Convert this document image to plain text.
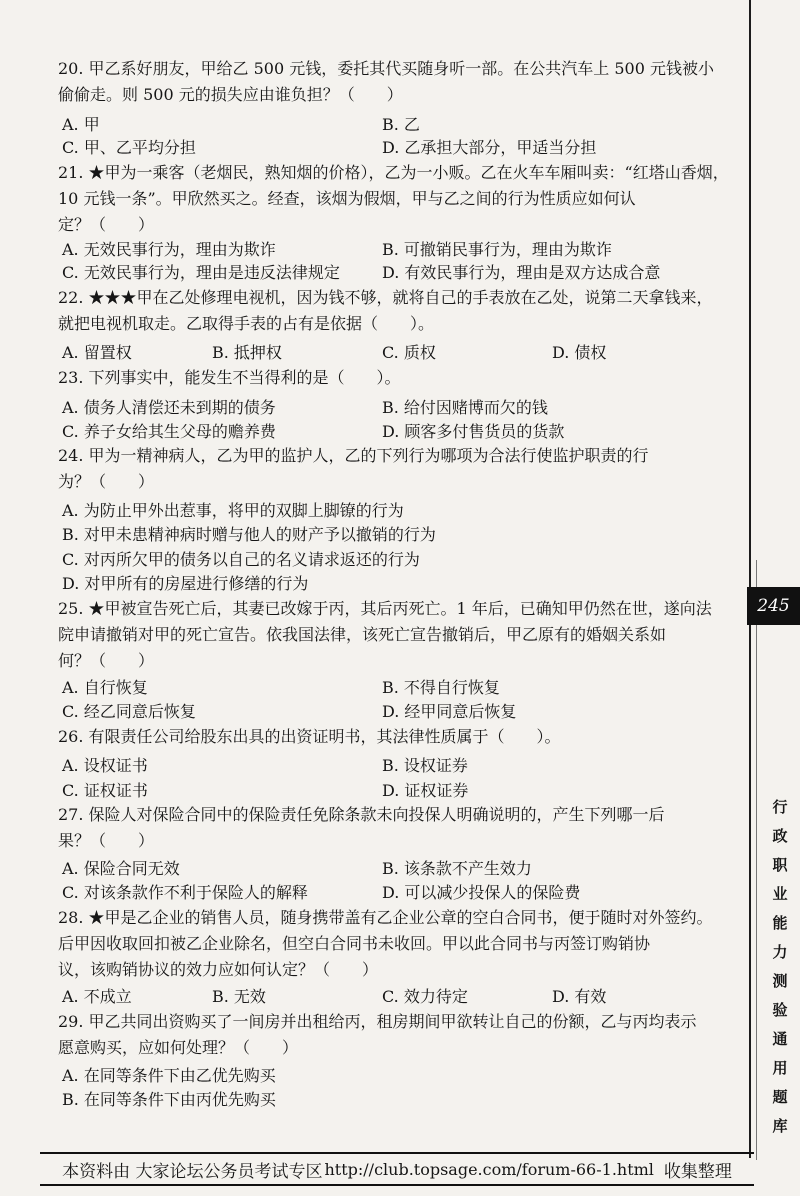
20. 甲乙系好朋友，甲给乙 500 元钱，委托其代买随身听一部。在公共汽车上 500 元钱被小
偷偷走。则 500 元的损失应由谁负担？（　　）
A. 甲	B. 乙
C. 甲、乙平均分担	D. 乙承担大部分，甲适当分担
21. ★甲为一乘客（老烟民，熟知烟的价格），乙为一小贩。乙在火车车厢叫卖：“红塔山香烟，
10 元钱一条”。甲欣然买之。经查，该烟为假烟，甲与乙之间的行为性质应如何认
定？（　　）
A. 无效民事行为，理由为欺诈	B. 可撤销民事行为，理由为欺诈
C. 无效民事行为，理由是违反法律规定	D. 有效民事行为，理由是双方达成合意
22. ★★★甲在乙处修理电视机，因为钱不够，就将自己的手表放在乙处，说第二天拿钱来，
就把电视机取走。乙取得手表的占有是依据（　　）。
A. 留置权	B. 抵押权	C. 质权	D. 债权
23. 下列事实中，能发生不当得利的是（　　）。
A. 债务人清偿还未到期的债务	B. 给付因赌博而欠的钱
C. 养子女给其生父母的赡养费	D. 顾客多付售货员的货款
24. 甲为一精神病人，乙为甲的监护人，乙的下列行为哪项为合法行使监护职责的行
为？（　　）
A. 为防止甲外出惹事，将甲的双脚上脚镣的行为
B. 对甲未患精神病时赠与他人的财产予以撤销的行为
C. 对丙所欠甲的债务以自己的名义请求返还的行为
D. 对甲所有的房屋进行修缮的行为
25. ★甲被宣告死亡后，其妻已改嫁于丙，其后丙死亡。1 年后，已确知甲仍然在世，遂向法
院申请撤销对甲的死亡宣告。依我国法律，该死亡宣告撤销后，甲乙原有的婚姻关系如
何？（　　）
A. 自行恢复	B. 不得自行恢复
C. 经乙同意后恢复	D. 经甲同意后恢复
26. 有限责任公司给股东出具的出资证明书，其法律性质属于（　　）。
A. 设权证书	B. 设权证券
C. 证权证书	D. 证权证券
27. 保险人对保险合同中的保险责任免除条款未向投保人明确说明的，产生下列哪一后
果？（　　）
A. 保险合同无效	B. 该条款不产生效力
C. 对该条款作不利于保险人的解释	D. 可以减少投保人的保险费
28. ★甲是乙企业的销售人员，随身携带盖有乙企业公章的空白合同书，便于随时对外签约。
后甲因收取回扣被乙企业除名，但空白合同书未收回。甲以此合同书与丙签订购销协
议，该购销协议的效力应如何认定？（　　）
A. 不成立	B. 无效	C. 效力待定	D. 有效
29. 甲乙共同出资购买了一间房并出租给丙，租房期间甲欲转让自己的份额，乙与丙均表示
愿意购买，应如何处理？（　　）
A. 在同等条件下由乙优先购买
B. 在同等条件下由丙优先购买
245
行
政
职
业
能
力
测
验
通
用
题
库
本资料由 大家论坛公务员考试专区 http://club.topsage.com/forum-66-1.html 收集整理
